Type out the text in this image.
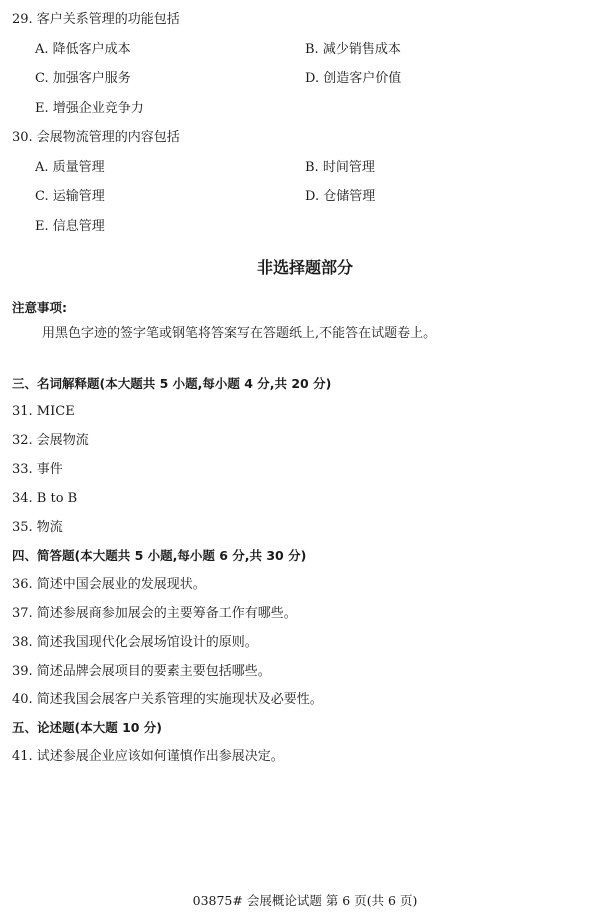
29. 客户关系管理的功能包括
A. 降低客户成本	B. 减少销售成本
C. 加强客户服务	D. 创造客户价值
E. 增强企业竞争力
30. 会展物流管理的内容包括
A. 质量管理	B. 时间管理
C. 运输管理	D. 仓储管理
E. 信息管理
非选择题部分
注意事项:
用黑色字迹的签字笔或钢笔将答案写在答题纸上,不能答在试题卷上。
三、名词解释题(本大题共 5 小题,每小题 4 分,共 20 分)
31. MICE
32. 会展物流
33. 事件
34. B to B
35. 物流
四、简答题(本大题共 5 小题,每小题 6 分,共 30 分)
36. 简述中国会展业的发展现状。
37. 简述参展商参加展会的主要筹备工作有哪些。
38. 简述我国现代化会展场馆设计的原则。
39. 简述品牌会展项目的要素主要包括哪些。
40. 简述我国会展客户关系管理的实施现状及必要性。
五、论述题(本大题 10 分)
41. 试述参展企业应该如何谨慎作出参展决定。
03875# 会展概论试题 第 6 页(共 6 页)
